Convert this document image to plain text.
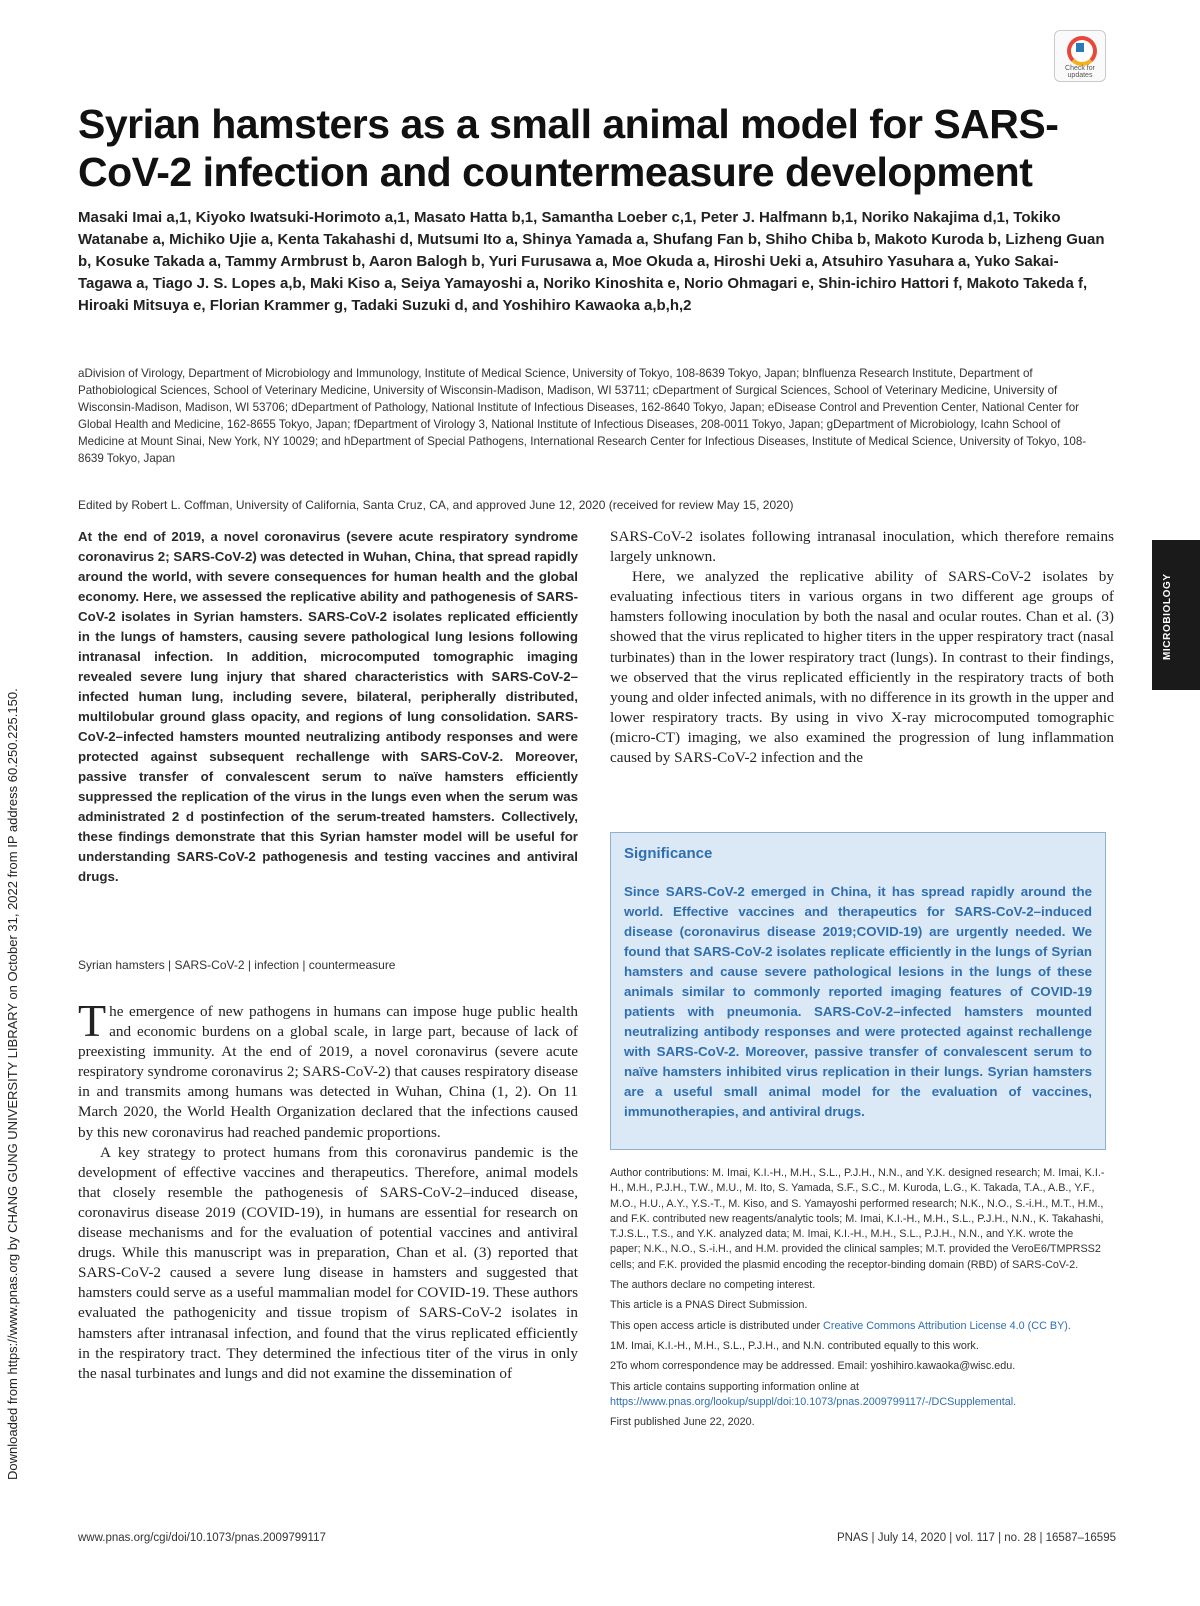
Check for updates
Syrian hamsters as a small animal model for SARS-CoV-2 infection and countermeasure development
Masaki Imai a,1, Kiyoko Iwatsuki-Horimoto a,1, Masato Hatta b,1, Samantha Loeber c,1, Peter J. Halfmann b,1, Noriko Nakajima d,1, Tokiko Watanabe a, Michiko Ujie a, Kenta Takahashi d, Mutsumi Ito a, Shinya Yamada a, Shufang Fan b, Shiho Chiba b, Makoto Kuroda b, Lizheng Guan b, Kosuke Takada a, Tammy Armbrust b, Aaron Balogh b, Yuri Furusawa a, Moe Okuda a, Hiroshi Ueki a, Atsuhiro Yasuhara a, Yuko Sakai-Tagawa a, Tiago J. S. Lopes a,b, Maki Kiso a, Seiya Yamayoshi a, Noriko Kinoshita e, Norio Ohmagari e, Shin-ichiro Hattori f, Makoto Takeda f, Hiroaki Mitsuya e, Florian Krammer g, Tadaki Suzuki d, and Yoshihiro Kawaoka a,b,h,2
aDivision of Virology, Department of Microbiology and Immunology, Institute of Medical Science, University of Tokyo, 108-8639 Tokyo, Japan; bInfluenza Research Institute, Department of Pathobiological Sciences, School of Veterinary Medicine, University of Wisconsin-Madison, Madison, WI 53711; cDepartment of Surgical Sciences, School of Veterinary Medicine, University of Wisconsin-Madison, Madison, WI 53706; dDepartment of Pathology, National Institute of Infectious Diseases, 162-8640 Tokyo, Japan; eDisease Control and Prevention Center, National Center for Global Health and Medicine, 162-8655 Tokyo, Japan; fDepartment of Virology 3, National Institute of Infectious Diseases, 208-0011 Tokyo, Japan; gDepartment of Microbiology, Icahn School of Medicine at Mount Sinai, New York, NY 10029; and hDepartment of Special Pathogens, International Research Center for Infectious Diseases, Institute of Medical Science, University of Tokyo, 108-8639 Tokyo, Japan
Edited by Robert L. Coffman, University of California, Santa Cruz, CA, and approved June 12, 2020 (received for review May 15, 2020)
Downloaded from https://www.pnas.org by CHANG GUNG UNIVERSITY LIBRARY on October 31, 2022 from IP address 60.250.225.150.
MICROBIOLOGY
At the end of 2019, a novel coronavirus (severe acute respiratory syndrome coronavirus 2; SARS-CoV-2) was detected in Wuhan, China, that spread rapidly around the world, with severe consequences for human health and the global economy. Here, we assessed the replicative ability and pathogenesis of SARS-CoV-2 isolates in Syrian hamsters. SARS-CoV-2 isolates replicated efficiently in the lungs of hamsters, causing severe pathological lung lesions following intranasal infection. In addition, microcomputed tomographic imaging revealed severe lung injury that shared characteristics with SARS-CoV-2–infected human lung, including severe, bilateral, peripherally distributed, multilobular ground glass opacity, and regions of lung consolidation. SARS-CoV-2–infected hamsters mounted neutralizing antibody responses and were protected against subsequent rechallenge with SARS-CoV-2. Moreover, passive transfer of convalescent serum to naïve hamsters efficiently suppressed the replication of the virus in the lungs even when the serum was administrated 2 d postinfection of the serum-treated hamsters. Collectively, these findings demonstrate that this Syrian hamster model will be useful for understanding SARS-CoV-2 pathogenesis and testing vaccines and antiviral drugs.
Syrian hamsters | SARS-CoV-2 | infection | countermeasure

The emergence of new pathogens in humans can impose huge public health and economic burdens on a global scale, in large part, because of lack of preexisting immunity. At the end of 2019, a novel coronavirus (severe acute respiratory syndrome coronavirus 2; SARS-CoV-2) that causes respiratory disease in and transmits among humans was detected in Wuhan, China (1, 2). On 11 March 2020, the World Health Organization declared that the infections caused by this new coronavirus had reached pandemic proportions.

A key strategy to protect humans from this coronavirus pandemic is the development of effective vaccines and therapeutics. Therefore, animal models that closely resemble the pathogenesis of SARS-CoV-2–induced disease, coronavirus disease 2019 (COVID-19), in humans are essential for research on disease mechanisms and for the evaluation of potential vaccines and antiviral drugs. While this manuscript was in preparation, Chan et al. (3) reported that SARS-CoV-2 caused a severe lung disease in hamsters and suggested that hamsters could serve as a useful mammalian model for COVID-19. These authors evaluated the pathogenicity and tissue tropism of SARS-CoV-2 isolates in hamsters after intranasal infection, and found that the virus replicated efficiently in the respiratory tract. They determined the infectious titer of the virus in only the nasal turbinates and lungs and did not examine the dissemination of

SARS-CoV-2 isolates following intranasal inoculation, which therefore remains largely unknown.

Here, we analyzed the replicative ability of SARS-CoV-2 isolates by evaluating infectious titers in various organs in two different age groups of hamsters following inoculation by both the nasal and ocular routes. Chan et al. (3) showed that the virus replicated to higher titers in the upper respiratory tract (nasal turbinates) than in the lower respiratory tract (lungs). In contrast to their findings, we observed that the virus replicated efficiently in the respiratory tracts of both young and older infected animals, with no difference in its growth in the upper and lower respiratory tracts. By using in vivo X-ray microcomputed tomographic (micro-CT) imaging, we also examined the progression of lung inflammation caused by SARS-CoV-2 infection and the

Significance

Since SARS-CoV-2 emerged in China, it has spread rapidly around the world. Effective vaccines and therapeutics for SARS-CoV-2–induced disease (coronavirus disease 2019;COVID-19) are urgently needed. We found that SARS-CoV-2 isolates replicate efficiently in the lungs of Syrian hamsters and cause severe pathological lesions in the lungs of these animals similar to commonly reported imaging features of COVID-19 patients with pneumonia. SARS-CoV-2–infected hamsters mounted neutralizing antibody responses and were protected against rechallenge with SARS-CoV-2. Moreover, passive transfer of convalescent serum to naïve hamsters inhibited virus replication in their lungs. Syrian hamsters are a useful small animal model for the evaluation of vaccines, immunotherapies, and antiviral drugs.

Author contributions: M. Imai, K.I.-H., M.H., S.L., P.J.H., N.N., and Y.K. designed research; M. Imai, K.I.-H., M.H., P.J.H., T.W., M.U., M. Ito, S. Yamada, S.F., S.C., M. Kuroda, L.G., K. Takada, T.A., A.B., Y.F., M.O., H.U., A.Y., Y.S.-T., M. Kiso, and S. Yamayoshi performed research; N.K., N.O., S.-i.H., M.T., H.M., and F.K. contributed new reagents/analytic tools; M. Imai, K.I.-H., M.H., S.L., P.J.H., N.N., K. Takahashi, T.J.S.L., T.S., and Y.K. analyzed data; M. Imai, K.I.-H., M.H., S.L., P.J.H., N.N., and Y.K. wrote the paper; N.K., N.O., S.-i.H., and H.M. provided the clinical samples; M.T. provided the VeroE6/TMPRSS2 cells; and F.K. provided the plasmid encoding the receptor-binding domain (RBD) of SARS-CoV-2.

The authors declare no competing interest.

This article is a PNAS Direct Submission.

This open access article is distributed under Creative Commons Attribution License 4.0 (CC BY).

1M. Imai, K.I.-H., M.H., S.L., P.J.H., and N.N. contributed equally to this work.

2To whom correspondence may be addressed. Email: yoshihiro.kawaoka@wisc.edu.

This article contains supporting information online at https://www.pnas.org/lookup/suppl/doi:10.1073/pnas.2009799117/-/DCSupplemental.

First published June 22, 2020.

www.pnas.org/cgi/doi/10.1073/pnas.2009799117	PNAS | July 14, 2020 | vol. 117 | no. 28 | 16587–16595
